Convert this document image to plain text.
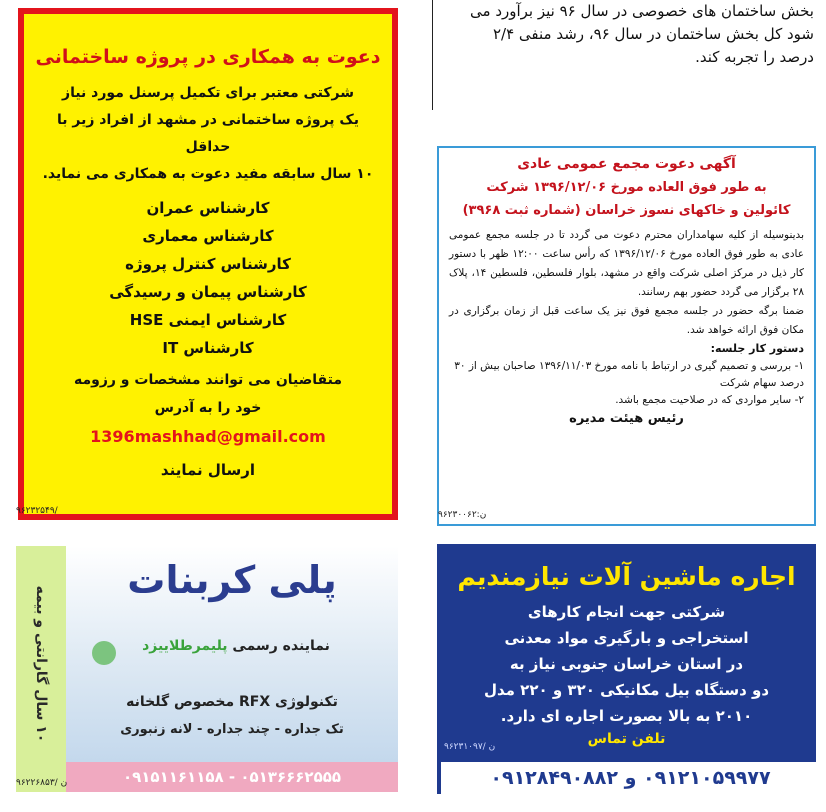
بخش ساختمان های خصوصی در سال ۹۶ نیز برآورد می
شود کل بخش ساختمان در سال ۹۶، رشد منفی ۲/۴
درصد را تجربه کند.
دعوت به همکاری در پروژه ساختمانی
شرکتی معتبر برای تکمیل پرسنل مورد نیاز
یک پروژه ساختمانی در مشهد از افراد زیر با حداقل
۱۰ سال سابقه مفید دعوت به همکاری می نماید.
کارشناس عمران
کارشناس معماری
کارشناس کنترل پروژه
کارشناس پیمان و رسیدگی
کارشناس ایمنی HSE
کارشناس IT
متقاضیان می توانند مشخصات و رزومه
خود را به آدرس
1396mashhad@gmail.com
ارسال نمایند
۹۶۲۳۲۵۴۹/
آگهی دعوت مجمع عمومی عادی
به طور فوق العاده مورخ ۱۳۹۶/۱۲/۰۶ شرکت
کائولین و خاکهای نسوز خراسان (شماره ثبت ۳۹۶۸)
بدینوسیله از کلیه سهامداران محترم دعوت می گردد تا در جلسه مجمع عمومی عادی به طور فوق العاده مورخ ۱۳۹۶/۱۲/۰۶ که رأس ساعت ۱۲:۰۰ ظهر با دستور کار ذیل در مرکز اصلی شرکت واقع در مشهد، بلوار فلسطین، فلسطین ۱۴، پلاک ۲۸ برگزار می گردد حضور بهم رسانند.
ضمنا برگه حضور در جلسه مجمع فوق نیز یک ساعت قبل از زمان برگزاری در مکان فوق ارائه خواهد شد.
دستور کار جلسه:
۱- بررسی و تصمیم گیری در ارتباط با نامه مورخ ۱۳۹۶/۱۱/۰۳ صاحبان بیش از ۳۰ درصد سهام شرکت
۲- سایر مواردی که در صلاحیت مجمع باشد.
رئیس هیئت مدیره
ن:۹۶۲۳۰۰۶۲
۱۰ سال گارانتی و بیمه
پلی کربنات
نماینده رسمی پلیمرطلاییزد
تکنولوژی RFX مخصوص گلخانه
تک جداره - چند جداره - لانه زنبوری
۰۹۱۵۱۱۶۱۱۵۸ - ۰۵۱۳۶۶۶۲۵۵۵
۹۶۲۲۶۸۵۳/ ن
اجاره ماشین آلات نیازمندیم
شرکتی جهت انجام کارهای
استخراجی و بارگیری مواد معدنی
در استان خراسان جنوبی نیاز به
دو دستگاه بیل مکانیکی ۳۲۰ و ۲۲۰ مدل
۲۰۱۰ به بالا بصورت اجاره ای دارد.
تلفن تماس
۰۹۱۲۱۰۵۹۹۷۷ و ۰۹۱۲۸۴۹۰۸۸۲
۹۶۲۳۱۰۹۷/ ن
